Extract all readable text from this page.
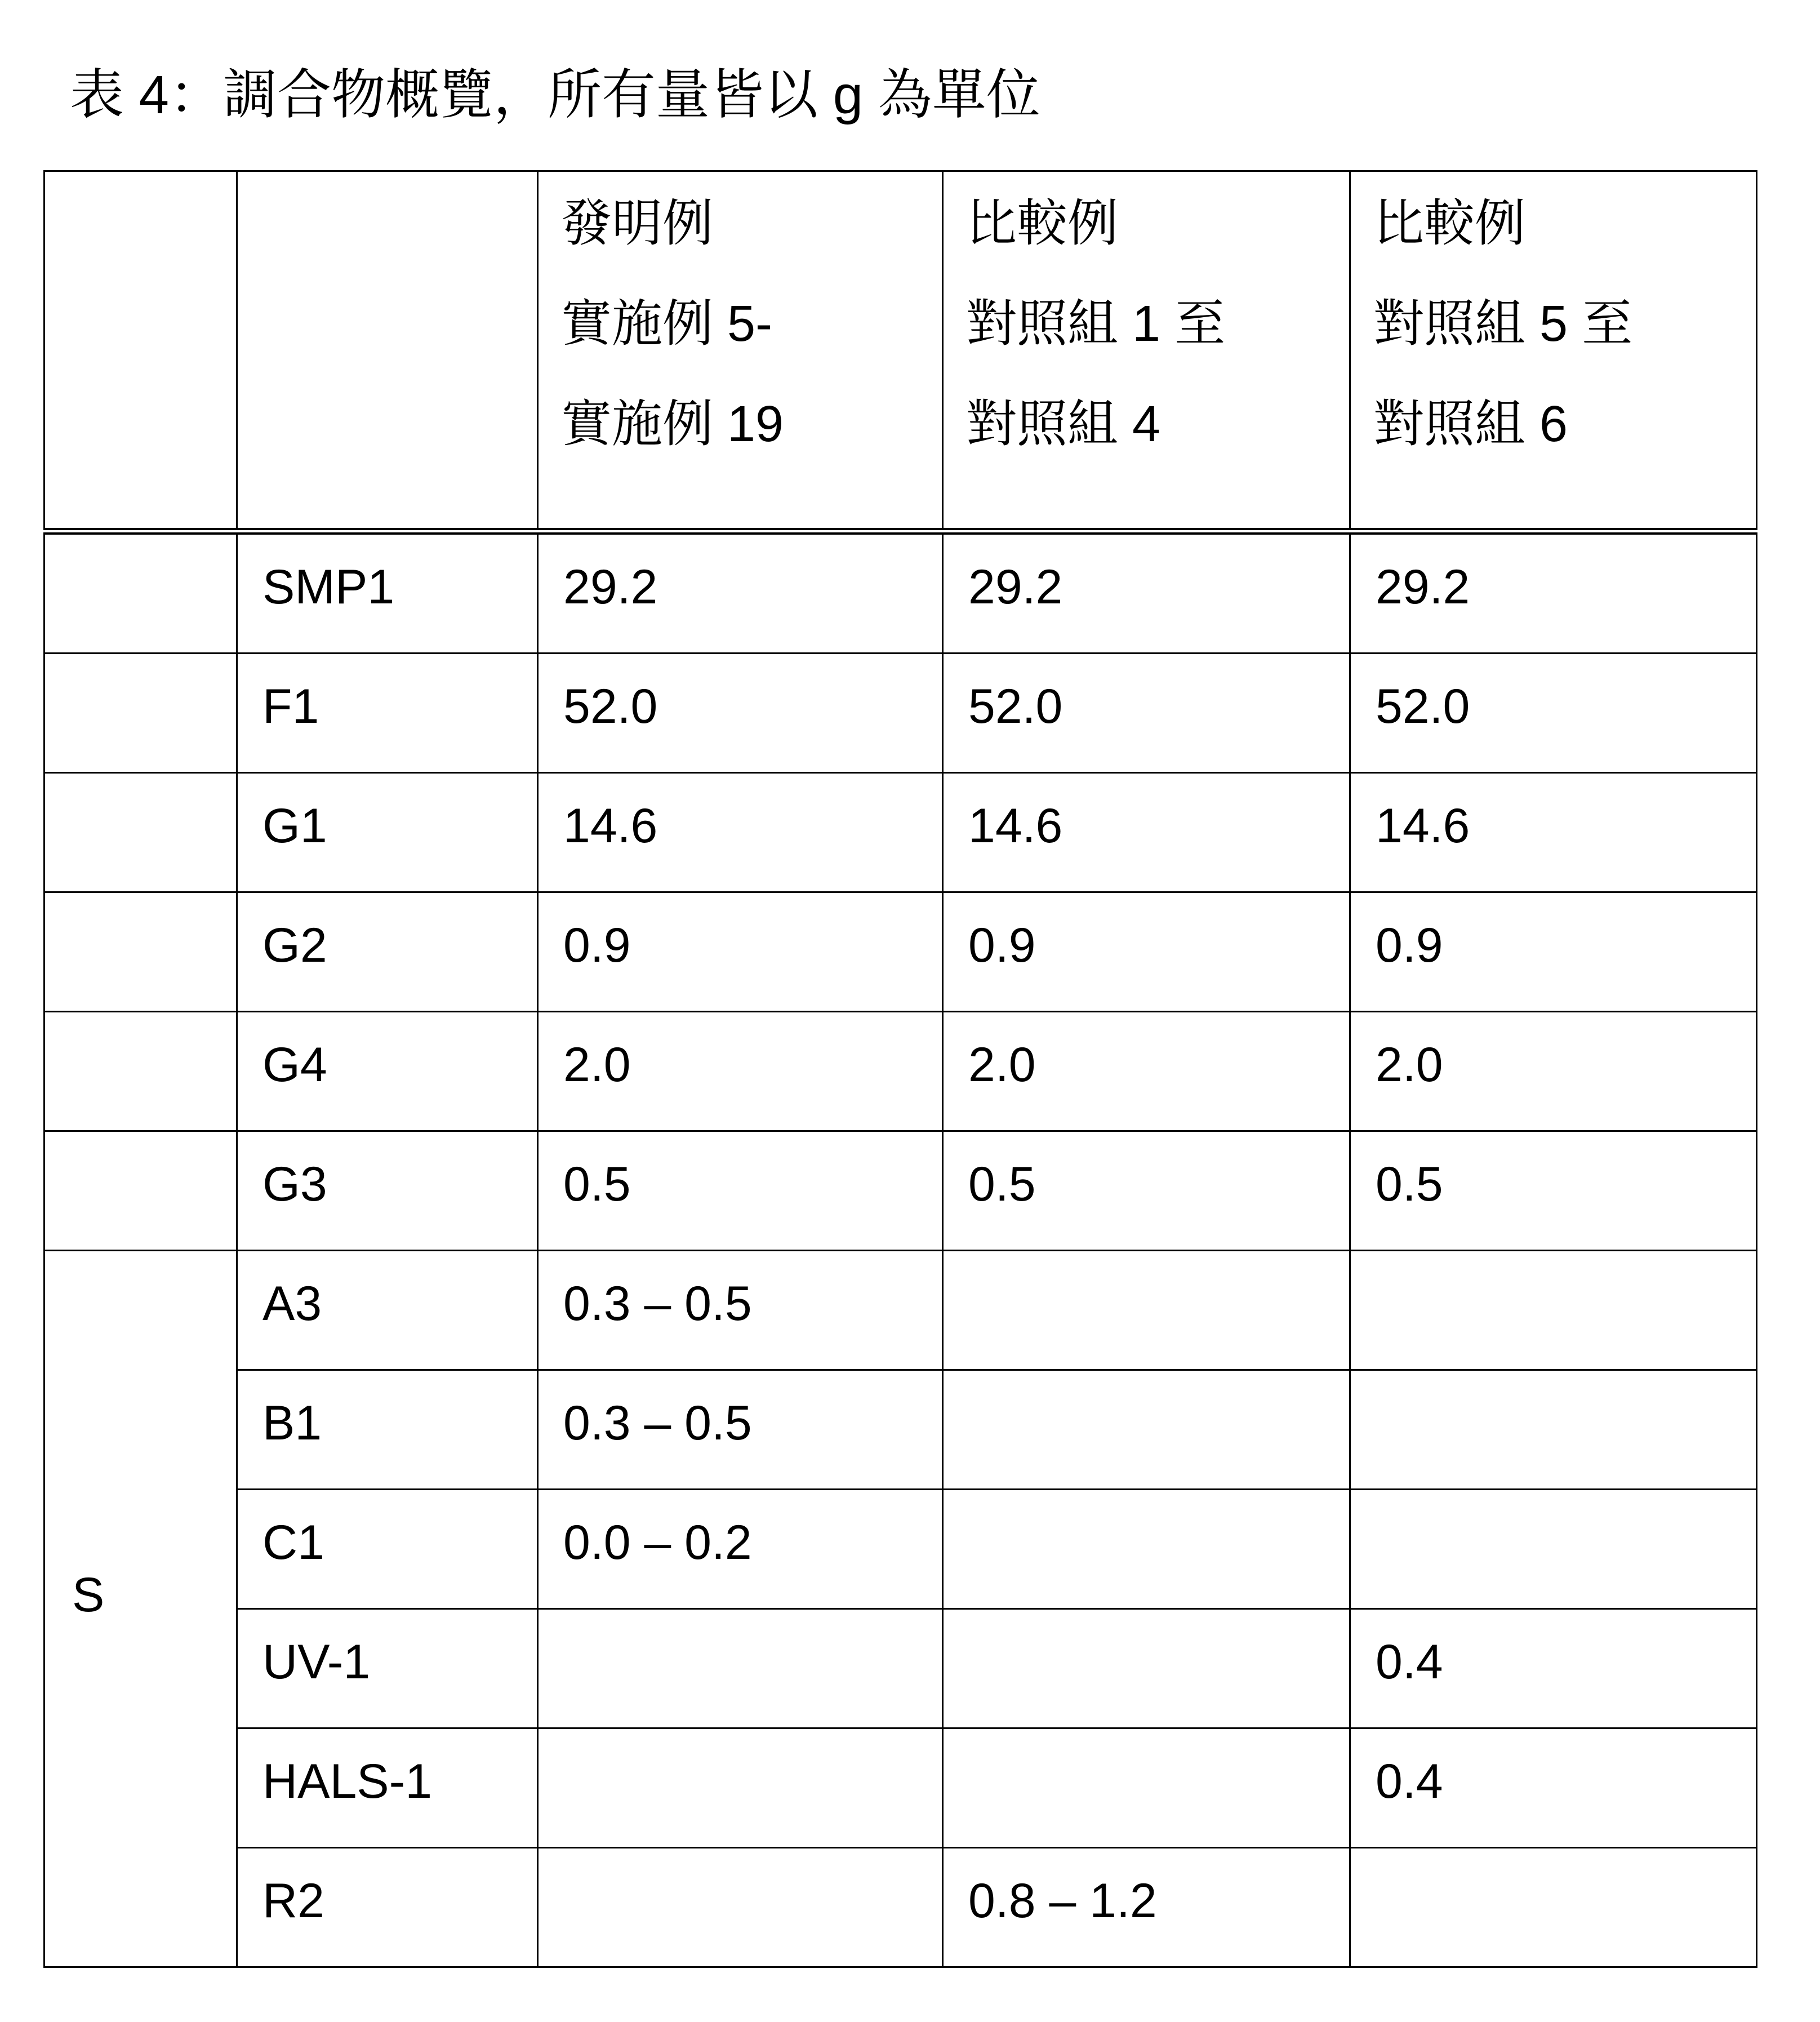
表 4：調合物概覽，所有量皆以 g 為單位

		發明例
實施例 5-
實施例 19	比較例
對照組 1 至
對照組 4	比較例
對照組 5 至
對照組 6

	SMP1	29.2	29.2	29.2

	F1	52.0	52.0	52.0

	G1	14.6	14.6	14.6

	G2	0.9	0.9	0.9

	G4	2.0	2.0	2.0

	G3	0.5	0.5	0.5

S	A3	0.3 – 0.5		

	B1	0.3 – 0.5		

	C1	0.0 – 0.2		

	UV-1			0.4

	HALS-1			0.4

	R2		0.8 – 1.2	
